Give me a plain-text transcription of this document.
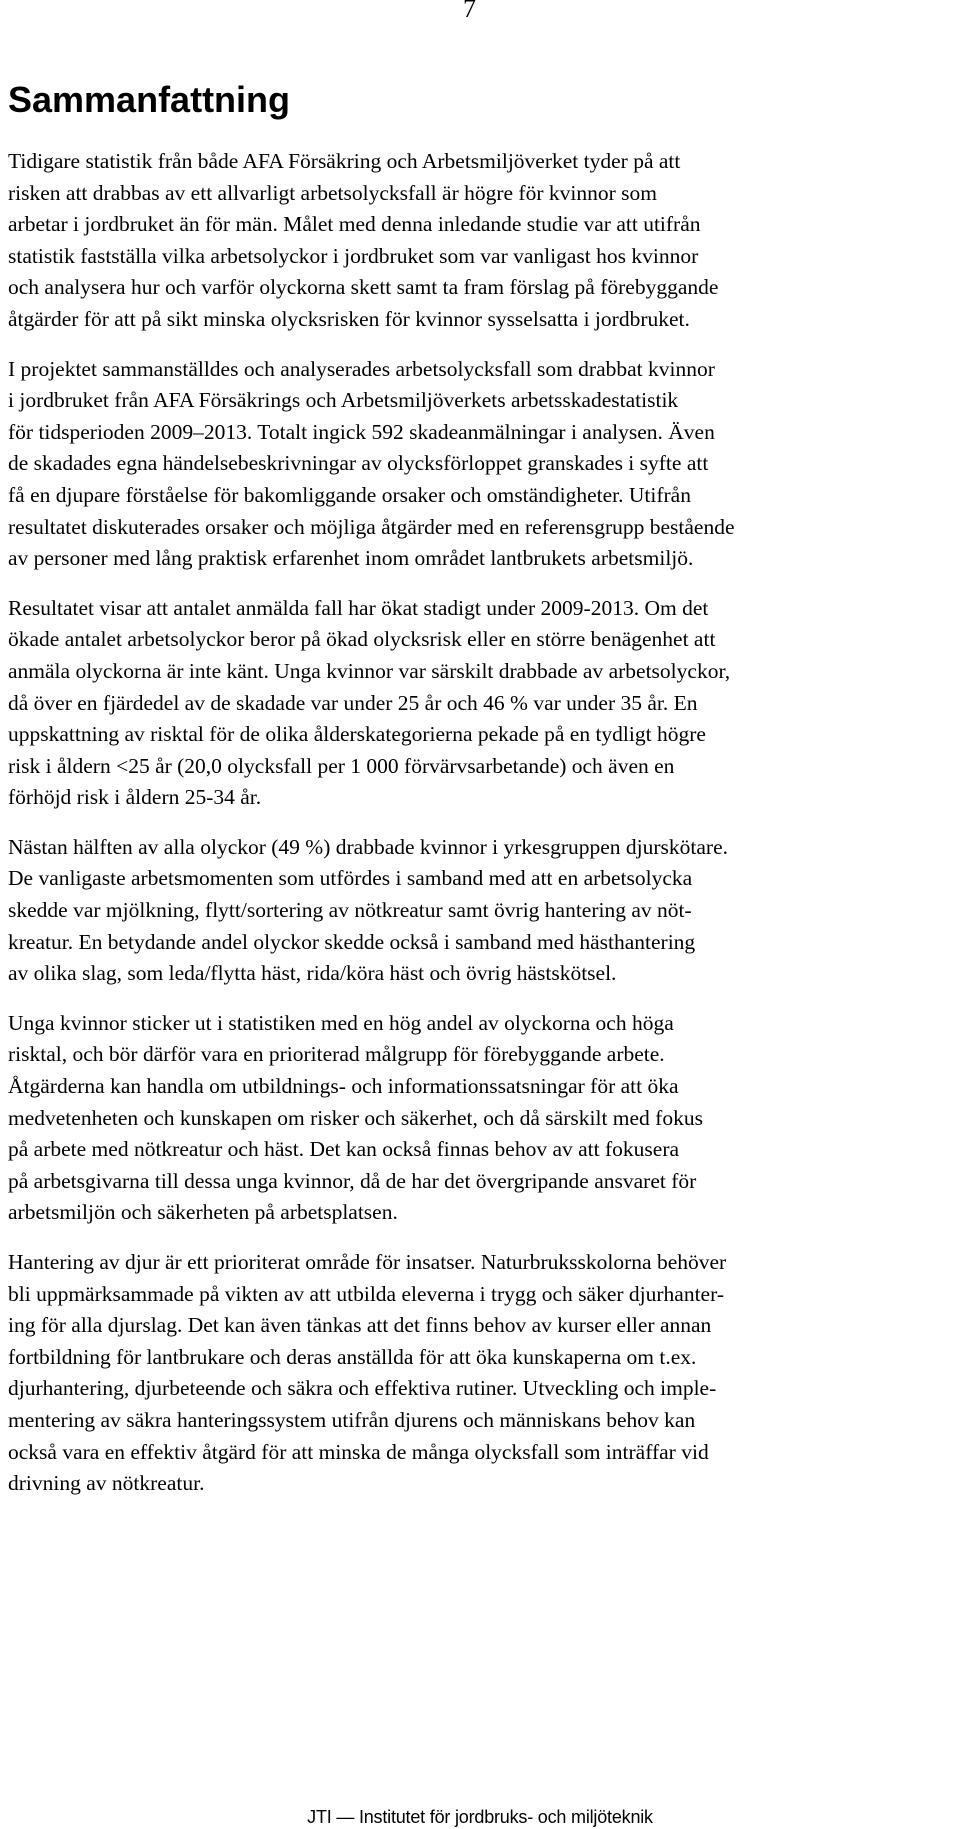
7
Sammanfattning

Tidigare statistik från både AFA Försäkring och Arbetsmiljöverket tyder på att
risken att drabbas av ett allvarligt arbetsolycksfall är högre för kvinnor som
arbetar i jordbruket än för män. Målet med denna inledande studie var att utifrån
statistik fastställa vilka arbetsolyckor i jordbruket som var vanligast hos kvinnor
och analysera hur och varför olyckorna skett samt ta fram förslag på förebyggande
åtgärder för att på sikt minska olycksrisken för kvinnor sysselsatta i jordbruket.

I projektet sammanställdes och analyserades arbetsolycksfall som drabbat kvinnor
i jordbruket från AFA Försäkrings och Arbetsmiljöverkets arbetsskadestatistik
för tidsperioden 2009–2013. Totalt ingick 592 skadeanmälningar i analysen. Även
de skadades egna händelsebeskrivningar av olycksförloppet granskades i syfte att
få en djupare förståelse för bakomliggande orsaker och omständigheter. Utifrån
resultatet diskuterades orsaker och möjliga åtgärder med en referensgrupp bestående
av personer med lång praktisk erfarenhet inom området lantbrukets arbetsmiljö.

Resultatet visar att antalet anmälda fall har ökat stadigt under 2009-2013. Om det
ökade antalet arbetsolyckor beror på ökad olycksrisk eller en större benägenhet att
anmäla olyckorna är inte känt. Unga kvinnor var särskilt drabbade av arbetsolyckor,
då över en fjärdedel av de skadade var under 25 år och 46 % var under 35 år. En
uppskattning av risktal för de olika ålderskategorierna pekade på en tydligt högre
risk i åldern <25 år (20,0 olycksfall per 1 000 förvärvsarbetande) och även en
förhöjd risk i åldern 25-34 år.

Nästan hälften av alla olyckor (49 %) drabbade kvinnor i yrkesgruppen djurskötare.
De vanligaste arbetsmomenten som utfördes i samband med att en arbetsolycka
skedde var mjölkning, flytt/sortering av nötkreatur samt övrig hantering av nöt-
kreatur. En betydande andel olyckor skedde också i samband med hästhantering
av olika slag, som leda/flytta häst, rida/köra häst och övrig hästskötsel.

Unga kvinnor sticker ut i statistiken med en hög andel av olyckorna och höga
risktal, och bör därför vara en prioriterad målgrupp för förebyggande arbete.
Åtgärderna kan handla om utbildnings- och informationssatsningar för att öka
medvetenheten och kunskapen om risker och säkerhet, och då särskilt med fokus
på arbete med nötkreatur och häst. Det kan också finnas behov av att fokusera
på arbetsgivarna till dessa unga kvinnor, då de har det övergripande ansvaret för
arbetsmiljön och säkerheten på arbetsplatsen.

Hantering av djur är ett prioriterat område för insatser. Naturbruksskolorna behöver
bli uppmärksammade på vikten av att utbilda eleverna i trygg och säker djurhanter-
ing för alla djurslag. Det kan även tänkas att det finns behov av kurser eller annan
fortbildning för lantbrukare och deras anställda för att öka kunskaperna om t.ex.
djurhantering, djurbeteende och säkra och effektiva rutiner. Utveckling och imple-
mentering av säkra hanteringssystem utifrån djurens och människans behov kan
också vara en effektiv åtgärd för att minska de många olycksfall som inträffar vid
drivning av nötkreatur.

JTI — Institutet för jordbruks- och miljöteknik
